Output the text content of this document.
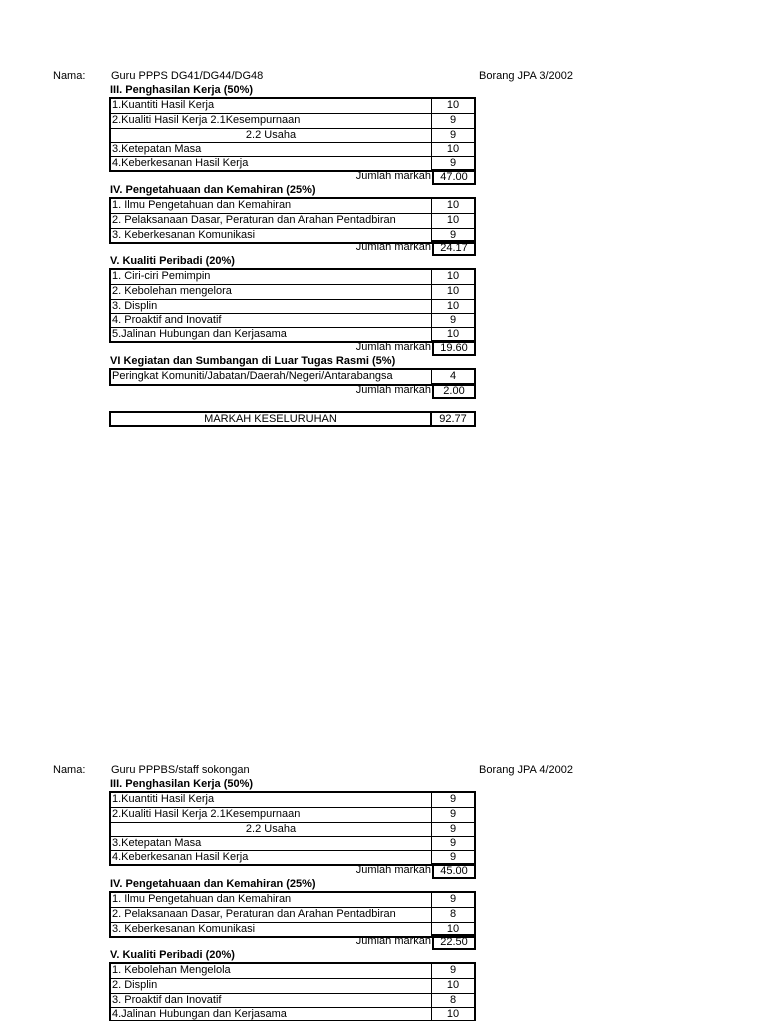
Nama: Guru PPPS DG41/DG44/DG48	Borang JPA 3/2002
III. Penghasilan Kerja (50%)
1.Kuantiti Hasil Kerja	10
2.Kualiti Hasil Kerja 2.1Kesempurnaan	9
2.2 Usaha	9
3.Ketepatan Masa	10
4.Keberkesanan Hasil Kerja	9
Jumlah markah 47.00
IV. Pengetahuaan dan Kemahiran (25%)
1. Ilmu Pengetahuan dan Kemahiran	10
2. Pelaksanaan Dasar, Peraturan dan Arahan Pentadbiran	10
3. Keberkesanan Komunikasi	9
Jumlah markah 24.17
V. Kualiti Peribadi (20%)
1. Ciri-ciri Pemimpin	10
2. Kebolehan mengelora	10
3. Displin	10
4. Proaktif and Inovatif	9
5.Jalinan Hubungan dan Kerjasama	10
Jumlah markah 19.60
VI Kegiatan dan Sumbangan di Luar Tugas Rasmi (5%)
Peringkat Komuniti/Jabatan/Daerah/Negeri/Antarabangsa	4
Jumlah markah	2.00
MARKAH KESELURUHAN	92.77
Nama: Guru PPPBS/staff sokongan	Borang JPA 4/2002
III. Penghasilan Kerja (50%)
1.Kuantiti Hasil Kerja	9
2.Kualiti Hasil Kerja 2.1Kesempurnaan	9
2.2 Usaha	9
3.Ketepatan Masa	9
4.Keberkesanan Hasil Kerja	9
Jumlah markah 45.00
IV. Pengetahuaan dan Kemahiran (25%)
1. Ilmu Pengetahuan dan Kemahiran	9
2. Pelaksanaan Dasar, Peraturan dan Arahan Pentadbiran	8
3. Keberkesanan Komunikasi	10
Jumlah markah 22.50
V. Kualiti Peribadi (20%)
1. Kebolehan Mengelola	9
2. Displin	10
3. Proaktif dan Inovatif	8
4.Jalinan Hubungan dan Kerjasama	10
